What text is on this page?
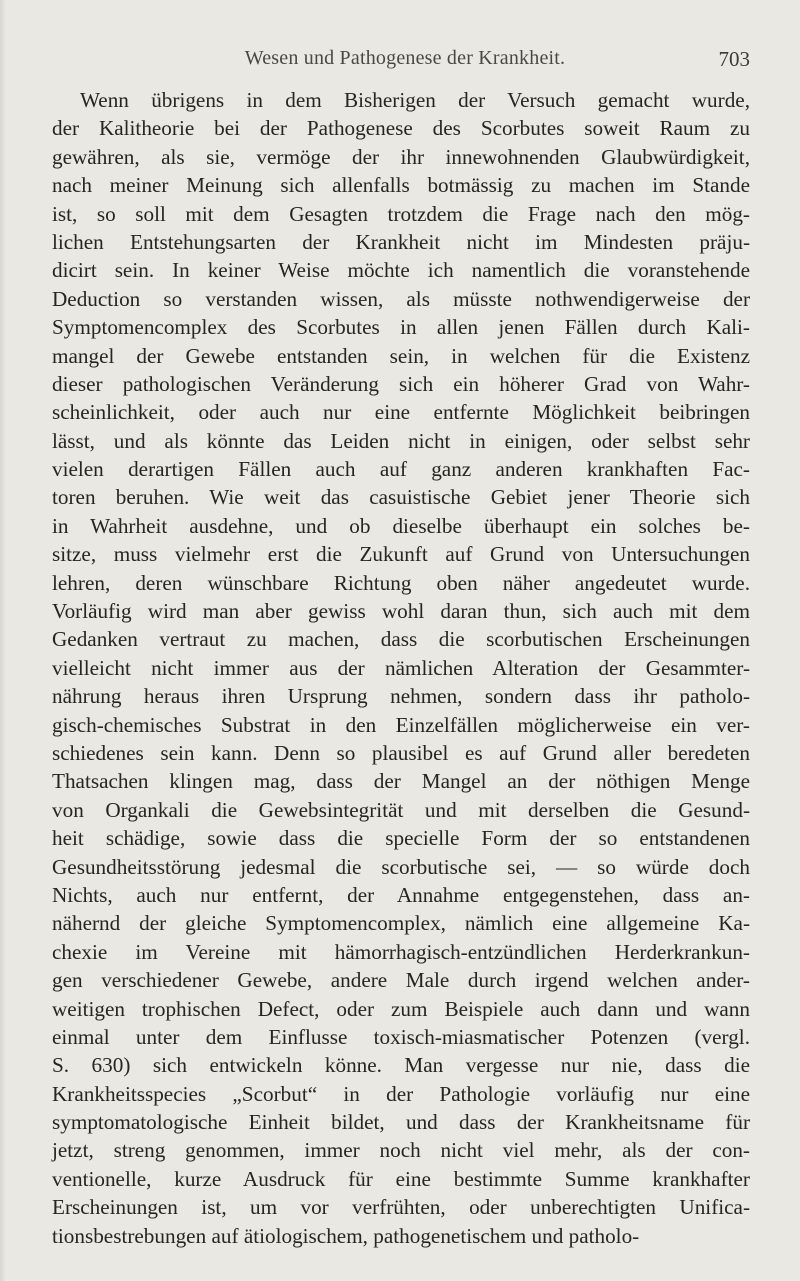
Wesen und Pathogenese der Krankheit.	703
Wenn übrigens in dem Bisherigen der Versuch gemacht wurde,
der Kalitheorie bei der Pathogenese des Scorbutes soweit Raum zu
gewähren, als sie, vermöge der ihr innewohnenden Glaubwürdigkeit,
nach meiner Meinung sich allenfalls botmässig zu machen im Stande
ist, so soll mit dem Gesagten trotzdem die Frage nach den mög-
lichen Entstehungsarten der Krankheit nicht im Mindesten präju-
dicirt sein. In keiner Weise möchte ich namentlich die voranstehende
Deduction so verstanden wissen, als müsste nothwendigerweise der
Symptomencomplex des Scorbutes in allen jenen Fällen durch Kali-
mangel der Gewebe entstanden sein, in welchen für die Existenz
dieser pathologischen Veränderung sich ein höherer Grad von Wahr-
scheinlichkeit, oder auch nur eine entfernte Möglichkeit beibringen
lässt, und als könnte das Leiden nicht in einigen, oder selbst sehr
vielen derartigen Fällen auch auf ganz anderen krankhaften Fac-
toren beruhen. Wie weit das casuistische Gebiet jener Theorie sich
in Wahrheit ausdehne, und ob dieselbe überhaupt ein solches be-
sitze, muss vielmehr erst die Zukunft auf Grund von Untersuchungen
lehren, deren wünschbare Richtung oben näher angedeutet wurde.
Vorläufig wird man aber gewiss wohl daran thun, sich auch mit dem
Gedanken vertraut zu machen, dass die scorbutischen Erscheinungen
vielleicht nicht immer aus der nämlichen Alteration der Gesammter-
nährung heraus ihren Ursprung nehmen, sondern dass ihr patholo-
gisch-chemisches Substrat in den Einzelfällen möglicherweise ein ver-
schiedenes sein kann. Denn so plausibel es auf Grund aller beredeten
Thatsachen klingen mag, dass der Mangel an der nöthigen Menge
von Organkali die Gewebsintegrität und mit derselben die Gesund-
heit schädige, sowie dass die specielle Form der so entstandenen
Gesundheitsstörung jedesmal die scorbutische sei, — so würde doch
Nichts, auch nur entfernt, der Annahme entgegenstehen, dass an-
nähernd der gleiche Symptomencomplex, nämlich eine allgemeine Ka-
chexie im Vereine mit hämorrhagisch-entzündlichen Herderkrankun-
gen verschiedener Gewebe, andere Male durch irgend welchen ander-
weitigen trophischen Defect, oder zum Beispiele auch dann und wann
einmal unter dem Einflusse toxisch-miasmatischer Potenzen (vergl.
S. 630) sich entwickeln könne. Man vergesse nur nie, dass die
Krankheitsspecies „Scorbut“ in der Pathologie vorläufig nur eine
symptomatologische Einheit bildet, und dass der Krankheitsname für
jetzt, streng genommen, immer noch nicht viel mehr, als der con-
ventionelle, kurze Ausdruck für eine bestimmte Summe krankhafter
Erscheinungen ist, um vor verfrühten, oder unberechtigten Unifica-
tionsbestrebungen auf ätiologischem, pathogenetischem und patholo-
